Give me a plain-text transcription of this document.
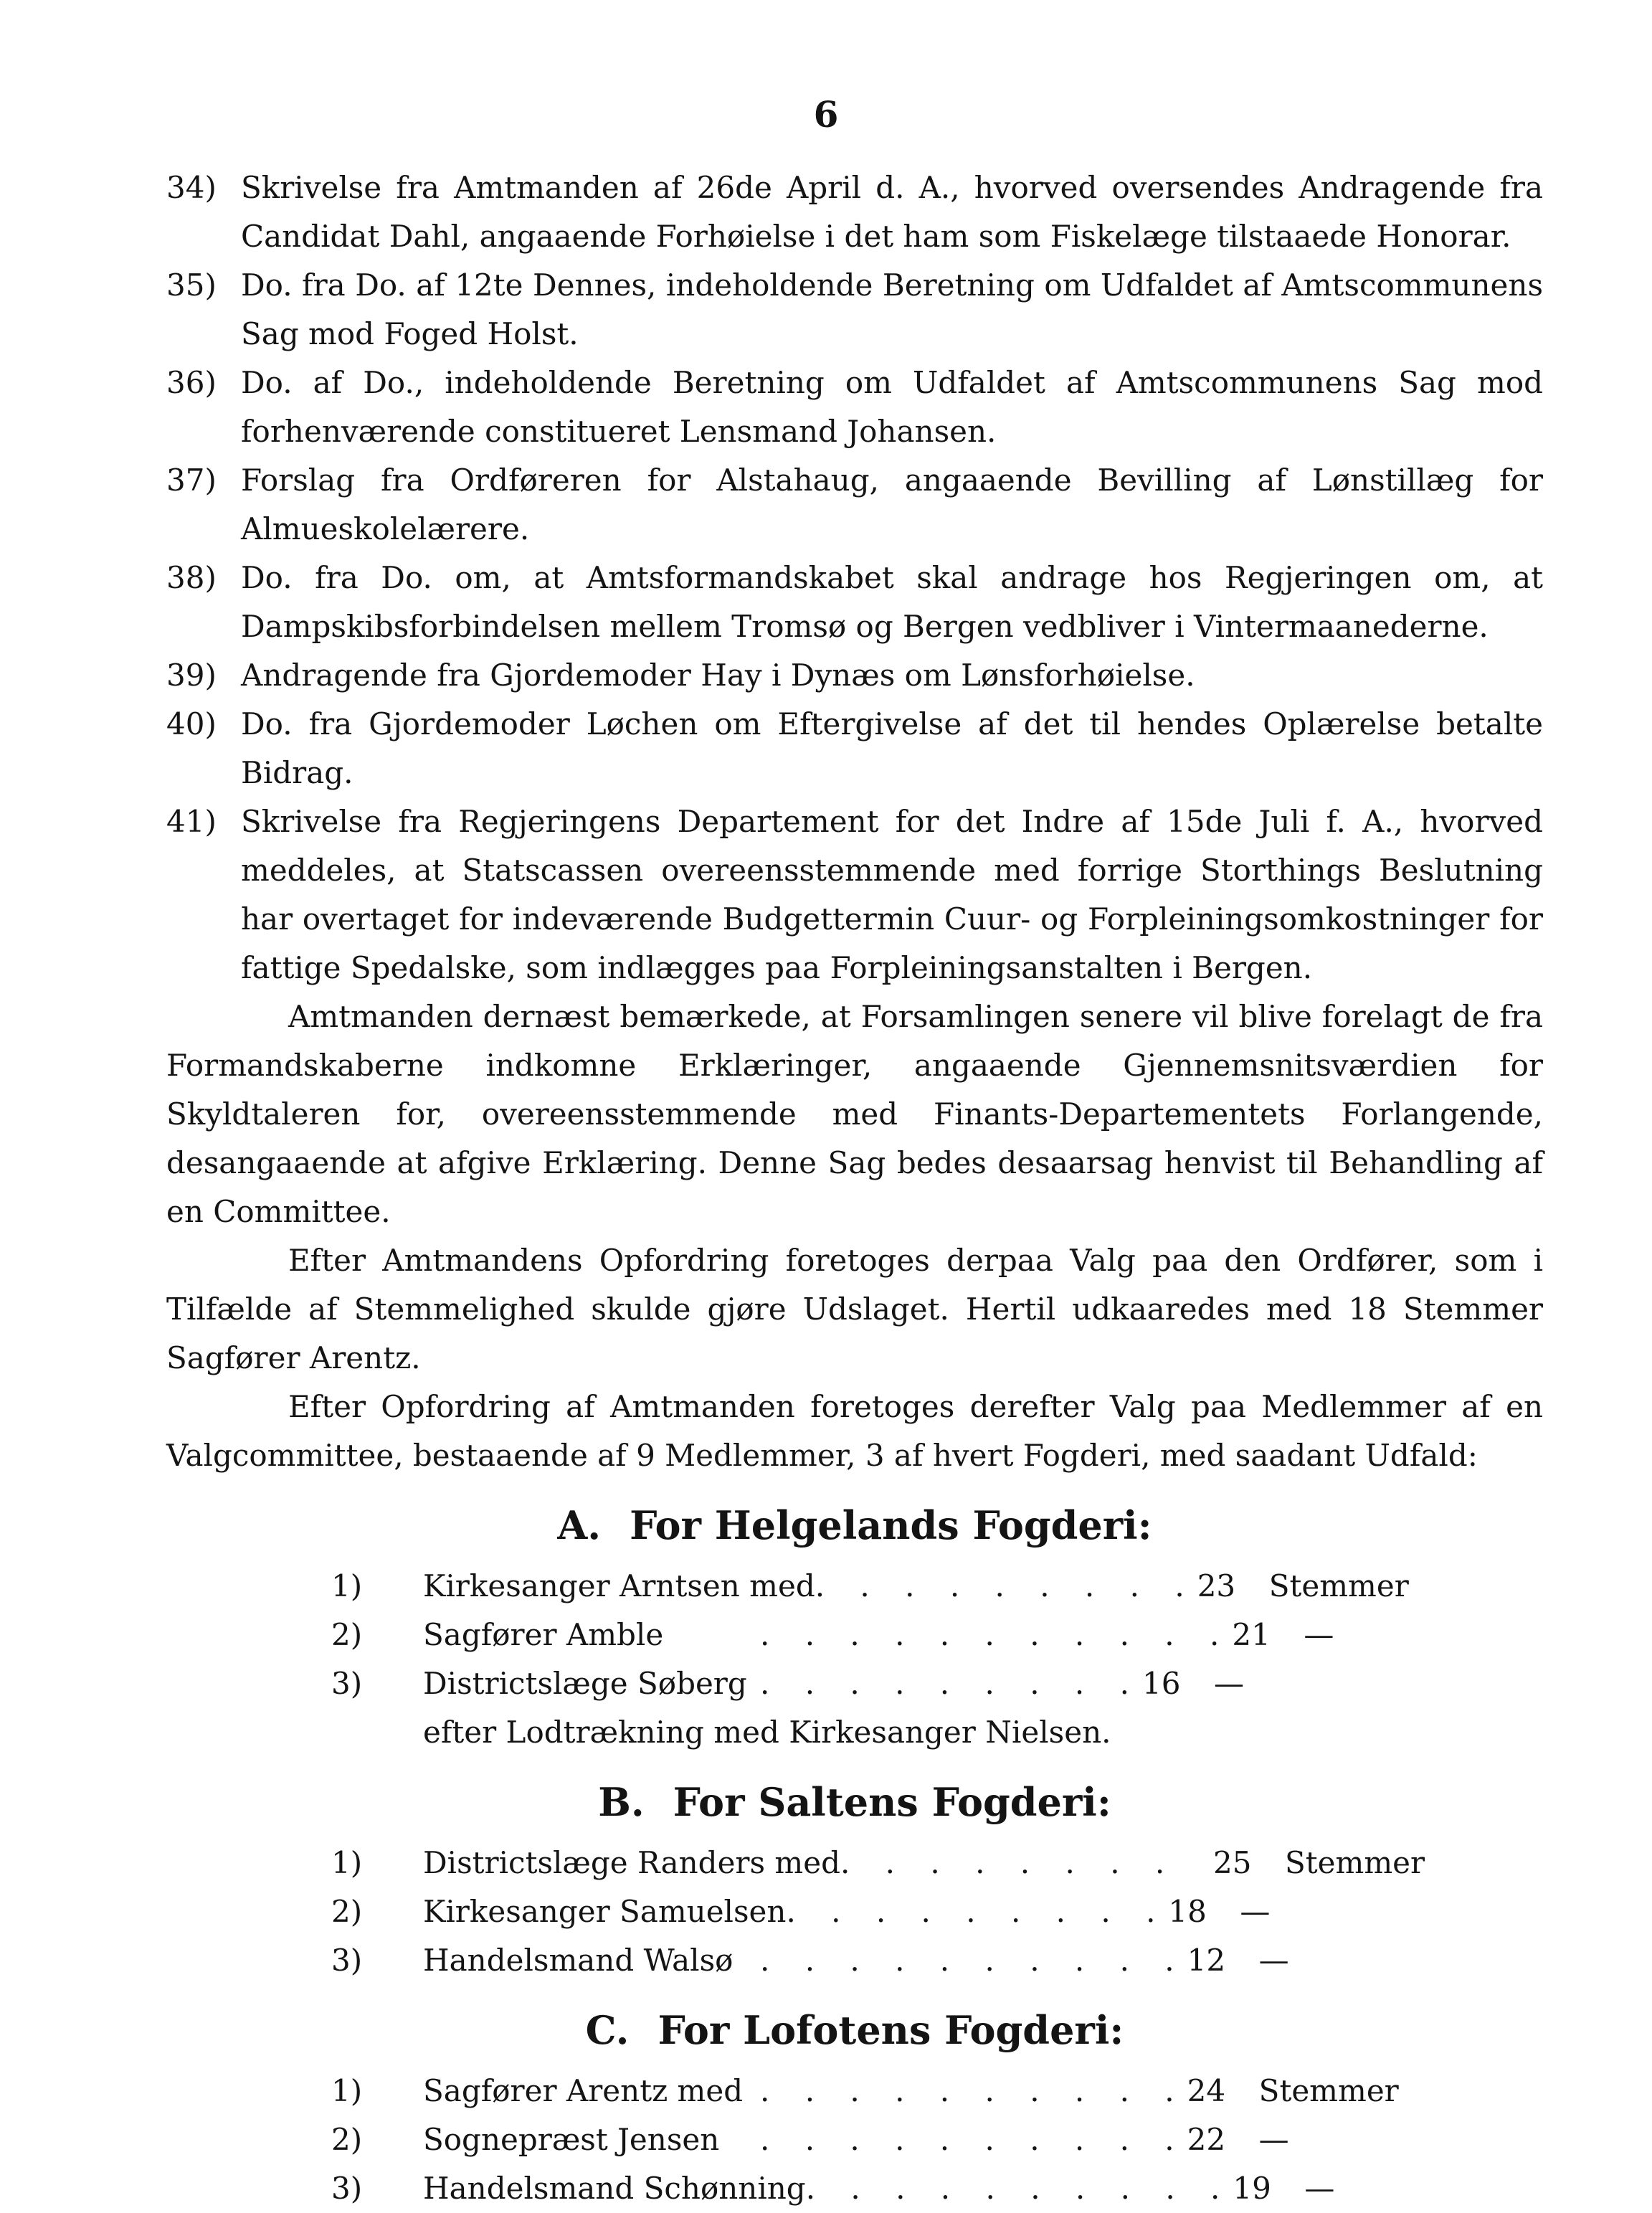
6
34) Skrivelse fra Amtmanden af 26de April d. A., hvorved oversendes Andragende fra Candidat Dahl, angaaende Forhøielse i det ham som Fiskelæge tilstaaede Honorar.
35) Do. fra Do. af 12te Dennes, indeholdende Beretning om Udfaldet af Amtscommunens Sag mod Foged Holst.
36) Do. af Do., indeholdende Beretning om Udfaldet af Amtscommunens Sag mod forhenværende constitueret Lensmand Johansen.
37) Forslag fra Ordføreren for Alstahaug, angaaende Bevilling af Lønstillæg for Almueskolelærere.
38) Do. fra Do. om, at Amtsformandskabet skal andrage hos Regjeringen om, at Dampskibsforbindelsen mellem Tromsø og Bergen vedbliver i Vintermaanederne.
39) Andragende fra Gjordemoder Hay i Dynæs om Lønsforhøielse.
40) Do. fra Gjordemoder Løchen om Eftergivelse af det til hendes Oplærelse betalte Bidrag.
41) Skrivelse fra Regjeringens Departement for det Indre af 15de Juli f. A., hvorved meddeles, at Statscassen overeensstemmende med forrige Storthings Beslutning har overtaget for indeværende Budgettermin Cuur- og Forpleiningsomkostninger for fattige Spedalske, som indlægges paa Forpleiningsanstalten i Bergen.

Amtmanden dernæst bemærkede, at Forsamlingen senere vil blive forelagt de fra Formandskaberne indkomne Erklæringer, angaaende Gjennemsnitsværdien for Skyldtaleren for, overeensstemmende med Finants-Departementets Forlangende, desangaaende at afgive Erklæring. Denne Sag bedes desaarsag henvist til Behandling af en Committee.

Efter Amtmandens Opfordring foretoges derpaa Valg paa den Ordfører, som i Tilfælde af Stemmelighed skulde gjøre Udslaget. Hertil udkaaredes med 18 Stemmer Sagfører Arentz.

Efter Opfordring af Amtmanden foretoges derefter Valg paa Medlemmer af en Valgcommittee, bestaaende af 9 Medlemmer, 3 af hvert Fogderi, med saadant Udfald:

A. For Helgelands Fogderi:
1)	Kirkesanger Arntsen med . . . . . . . . . 23	Stemmer
2)	Sagfører Amble	. . . . . . . . . . . 21	—
3)	Districtslæge Søberg . . . . . . . . . 16	—
efter Lodtrækning med Kirkesanger Nielsen.
B. For Saltens Fogderi:
1)	Districtslæge Randers med . . . . . . . .	25	Stemmer
2)	Kirkesanger Samuelsen . . . . . . . . . 18	—
3)	Handelsmand Walsø . . . . . . . . . . 12	—
C. For Lofotens Fogderi:
1)	Sagfører Arentz med . . . . . . . . . . 24	Stemmer
2)	Sognepræst Jensen	. . . . . . . . . . 22	—
3)	Handelsmand Schønning . . . . . . . . . . 19	—
